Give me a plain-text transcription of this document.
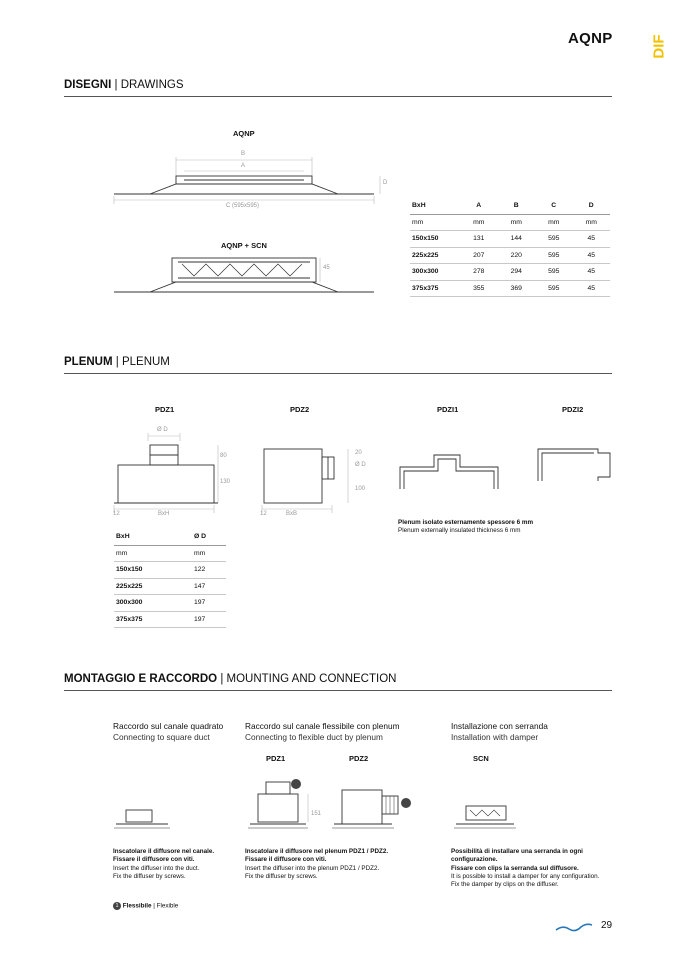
AQNP	DIF
DISEGNI | DRAWINGS
AQNP
AQNP + SCN
B
A
D
C (595x595)
45
BxH	A	B	C	D
mm	mm	mm	mm	mm
150x150	131	144	595	45
225x225	207	220	595	45
300x300	278	294	595	45
375x375	355	369	595	45
PLENUM | PLENUM
PDZ1	PDZ2	PDZI1	PDZI2
Ø D
80
130
12	BxH
20
Ø D
100
12	BxB
Plenum isolato esternamente spessore 6 mm
Plenum externally insulated thickness 6 mm
BxH	Ø D
mm	mm
150x150	122
225x225	147
300x300	197
375x375	197
MONTAGGIO E RACCORDO | MOUNTING AND CONNECTION
Raccordo sul canale quadrato
Connecting to square duct
Raccordo sul canale flessibile con plenum
Connecting to flexible duct by plenum
Installazione con serranda
Installation with damper
PDZ1	PDZ2	SCN
151
Inscatolare il diffusore nel canale.
Fissare il diffusore con viti.
Insert the diffuser into the duct.
Fix the diffuser by screws.
Inscatolare il diffusore nel plenum PDZ1 / PDZ2.
Fissare il diffusore con viti.
Insert the diffuser into the plenum PDZ1 / PDZ2.
Fix the diffuser by screws.
Possibilità di installare una serranda in ogni
configurazione.
Fissare con clips la serranda sul diffusore.
It is possible to install a damper for any configuration.
Fix the damper by clips on the diffuser.
1 Flessibile | Flexible
29
